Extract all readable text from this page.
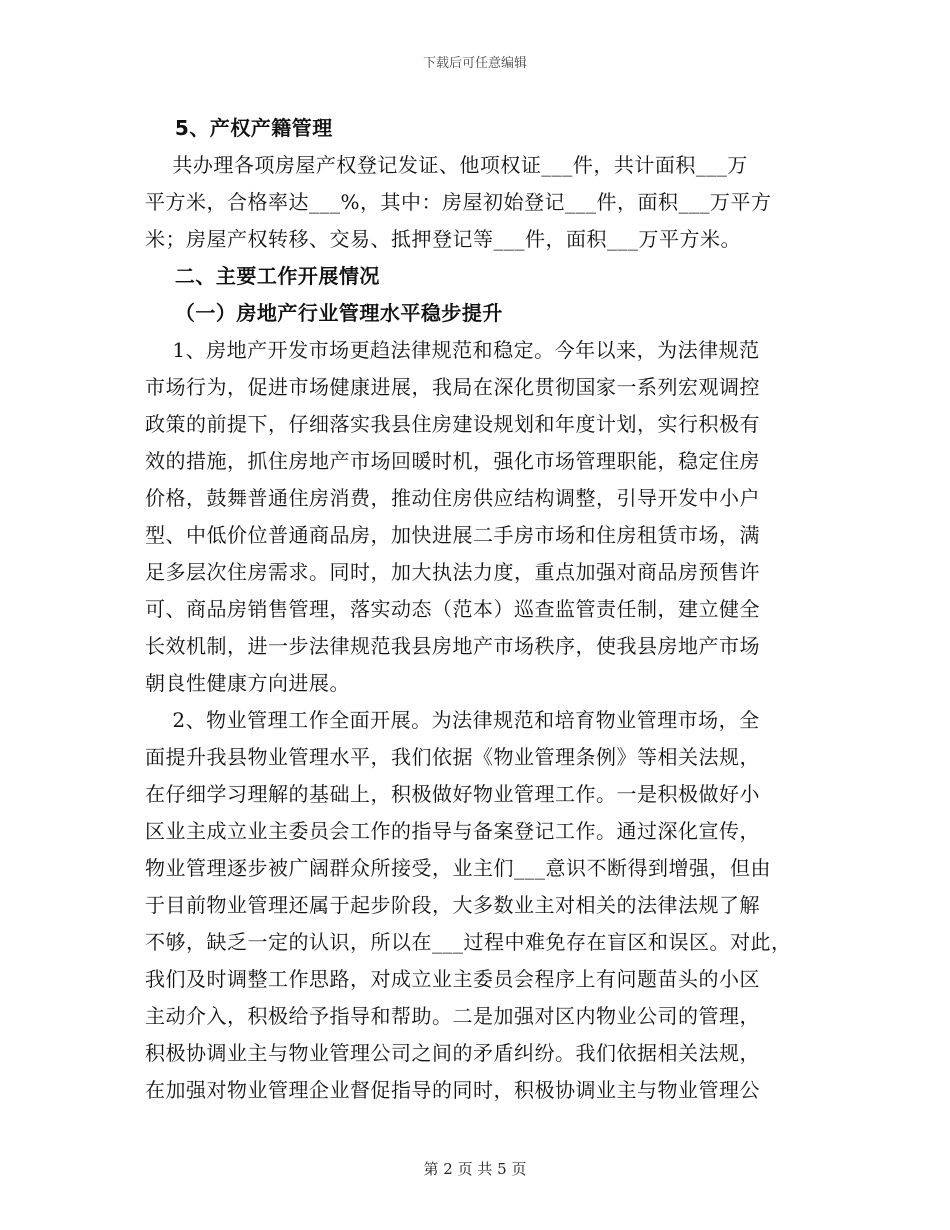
下载后可任意编辑
5、产权产籍管理
共办理各项房屋产权登记发证、他项权证___件，共计面积___万
平方米，合格率达___%，其中：房屋初始登记___件，面积___万平方
米；房屋产权转移、交易、抵押登记等___件，面积___万平方米。
二、主要工作开展情况
（一）房地产行业管理水平稳步提升
1、房地产开发市场更趋法律规范和稳定。今年以来，为法律规范
市场行为，促进市场健康进展，我局在深化贯彻国家一系列宏观调控
政策的前提下，仔细落实我县住房建设规划和年度计划，实行积极有
效的措施，抓住房地产市场回暖时机，强化市场管理职能，稳定住房
价格，鼓舞普通住房消费，推动住房供应结构调整，引导开发中小户
型、中低价位普通商品房，加快进展二手房市场和住房租赁市场，满
足多层次住房需求。同时，加大执法力度，重点加强对商品房预售许
可、商品房销售管理，落实动态（范本）巡查监管责任制，建立健全
长效机制，进一步法律规范我县房地产市场秩序，使我县房地产市场
朝良性健康方向进展。
2、物业管理工作全面开展。为法律规范和培育物业管理市场，全
面提升我县物业管理水平，我们依据《物业管理条例》等相关法规，
在仔细学习理解的基础上，积极做好物业管理工作。一是积极做好小
区业主成立业主委员会工作的指导与备案登记工作。通过深化宣传，
物业管理逐步被广阔群众所接受，业主们___意识不断得到增强，但由
于目前物业管理还属于起步阶段，大多数业主对相关的法律法规了解
不够，缺乏一定的认识，所以在___过程中难免存在盲区和误区。对此，
我们及时调整工作思路，对成立业主委员会程序上有问题苗头的小区
主动介入，积极给予指导和帮助。二是加强对区内物业公司的管理，
积极协调业主与物业管理公司之间的矛盾纠纷。我们依据相关法规，
在加强对物业管理企业督促指导的同时，积极协调业主与物业管理公
第 2 页 共 5 页
